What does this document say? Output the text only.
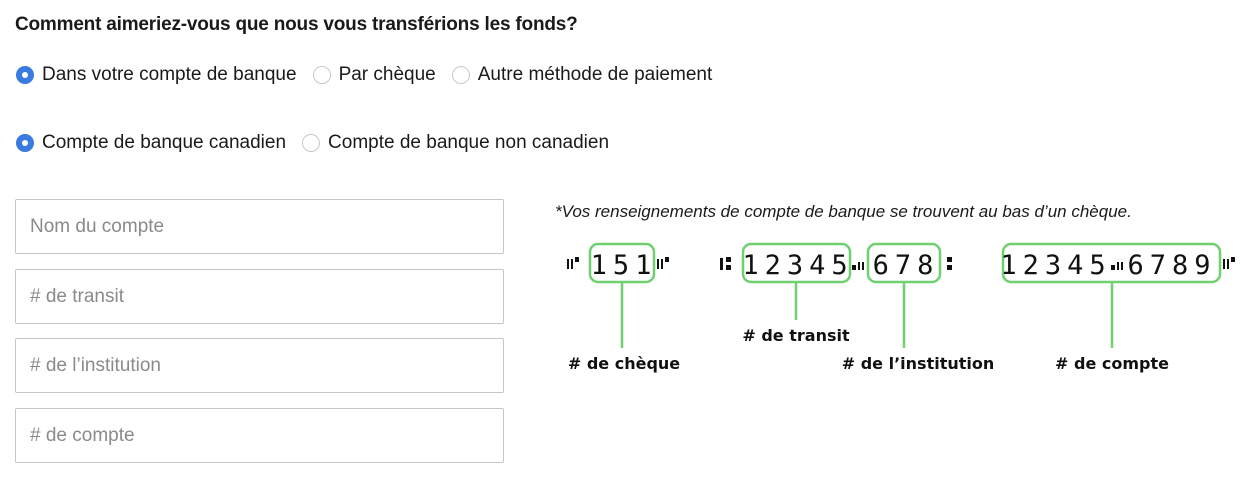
Comment aimeriez-vous que nous vous transférions les fonds?
Dans votre compte de banque Par chèque Autre méthode de paiement
Compte de banque canadien Compte de banque non canadien
Nom du compte
# de transit
# de l’institution
# de compte
*Vos renseignements de compte de banque se trouvent au bas d’un chèque.
151	12345 678 12345 6789
# de chèque
# de transit
# de l’institution	# de compte
